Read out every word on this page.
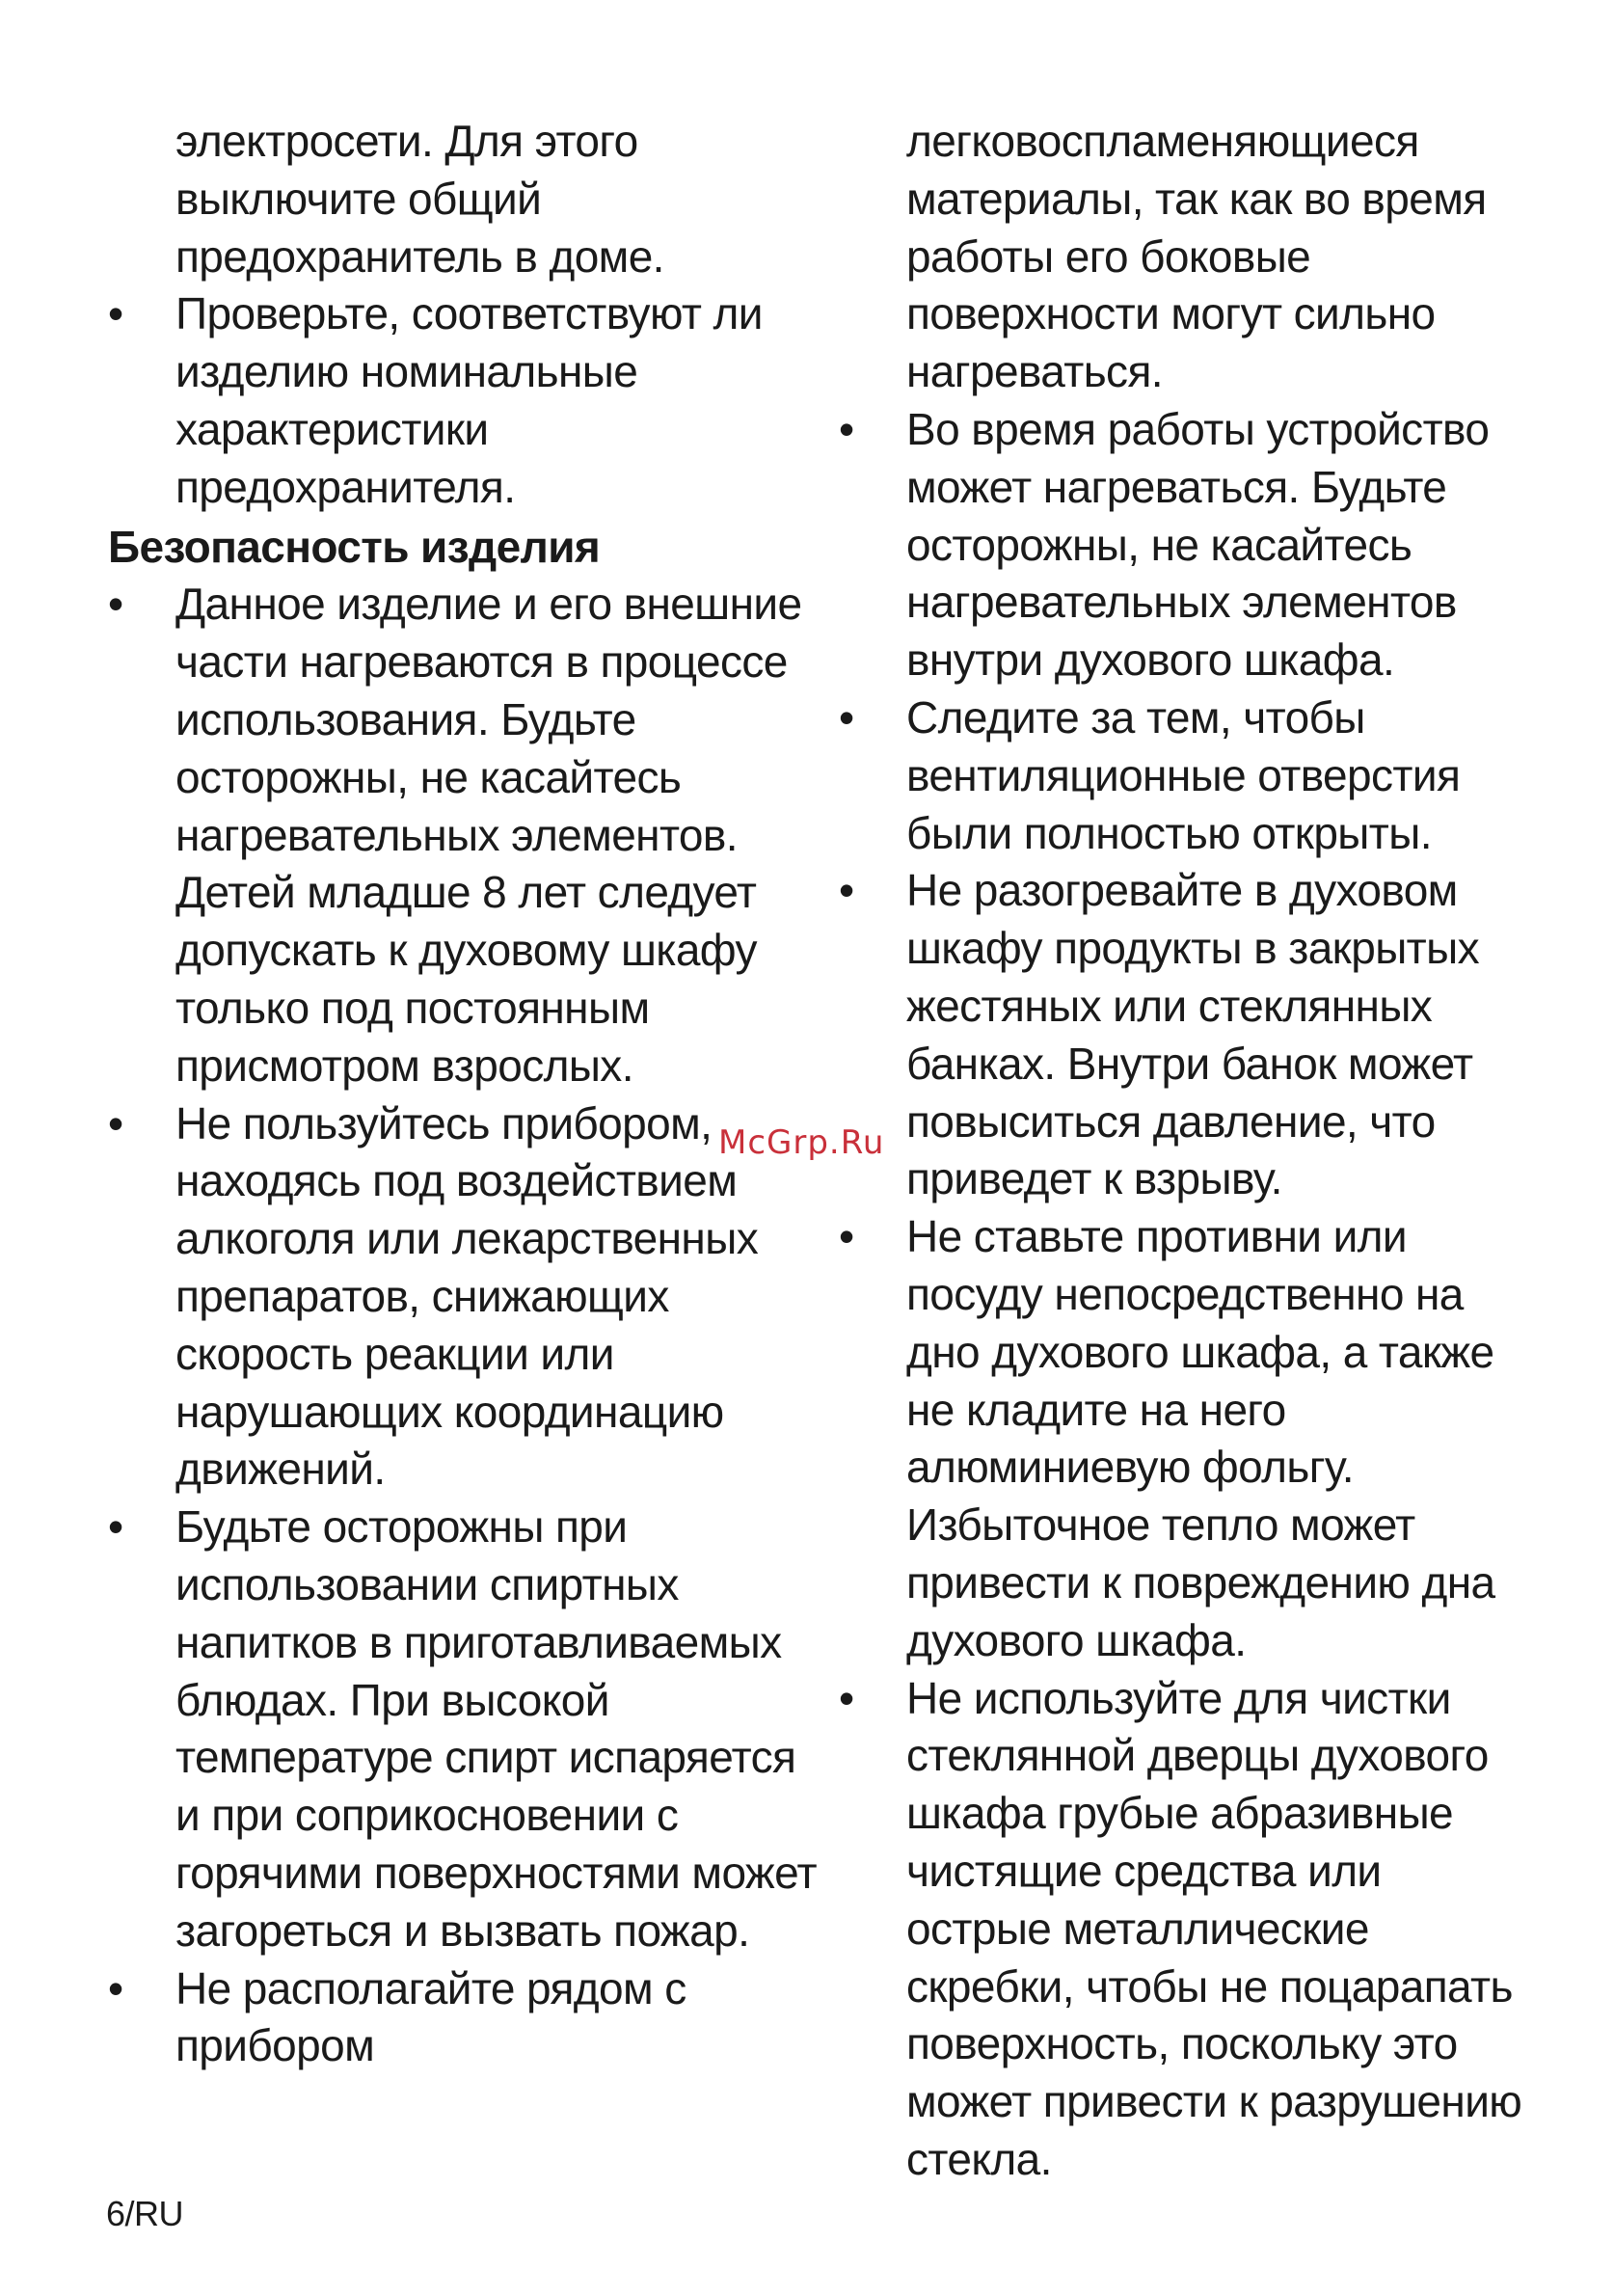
электросети. Для этого выключите общий предохранитель в доме.

•	Проверьте, соответствуют ли изделию номинальные характеристики предохранителя.
Безопасность изделия
•	Данное изделие и его внешние части нагреваются в процессе использования. Будьте осторожны, не касайтесь нагревательных элементов. Детей младше 8 лет следует допускать к духовому шкафу только под постоянным присмотром взрослых.
•	Не пользуйтесь прибором, находясь под воздействием алкоголя или лекарственных препаратов, снижающих скорость реакции или нарушающих координацию движений.
•	Будьте осторожны при использовании спиртных напитков в приготавливаемых блюдах. При высокой температуре спирт испаряется и при соприкосновении с горячими поверхностями может загореться и вызвать пожар.
•	Не располагайте рядом с прибором

легковоспламеняющиеся материалы, так как во время работы его боковые поверхности могут сильно нагреваться.

•	Во время работы устройство может нагреваться. Будьте осторожны, не касайтесь нагревательных элементов внутри духового шкафа.
•	Следите за тем, чтобы вентиляционные отверстия были полностью открыты.
•	Не разогревайте в духовом шкафу продукты в закрытых жестяных или стеклянных банках. Внутри банок может повыситься давление, что приведет к взрыву.
•	Не ставьте противни или посуду непосредственно на дно духового шкафа, а также не кладите на него алюминиевую фольгу. Избыточное тепло может привести к повреждению дна духового шкафа.
•	Не используйте для чистки стеклянной дверцы духового шкафа грубые абразивные чистящие средства или острые металлические скребки, чтобы не поцарапать поверхность, поскольку это может привести к разрушению стекла.
McGrp.Ru
6/RU
